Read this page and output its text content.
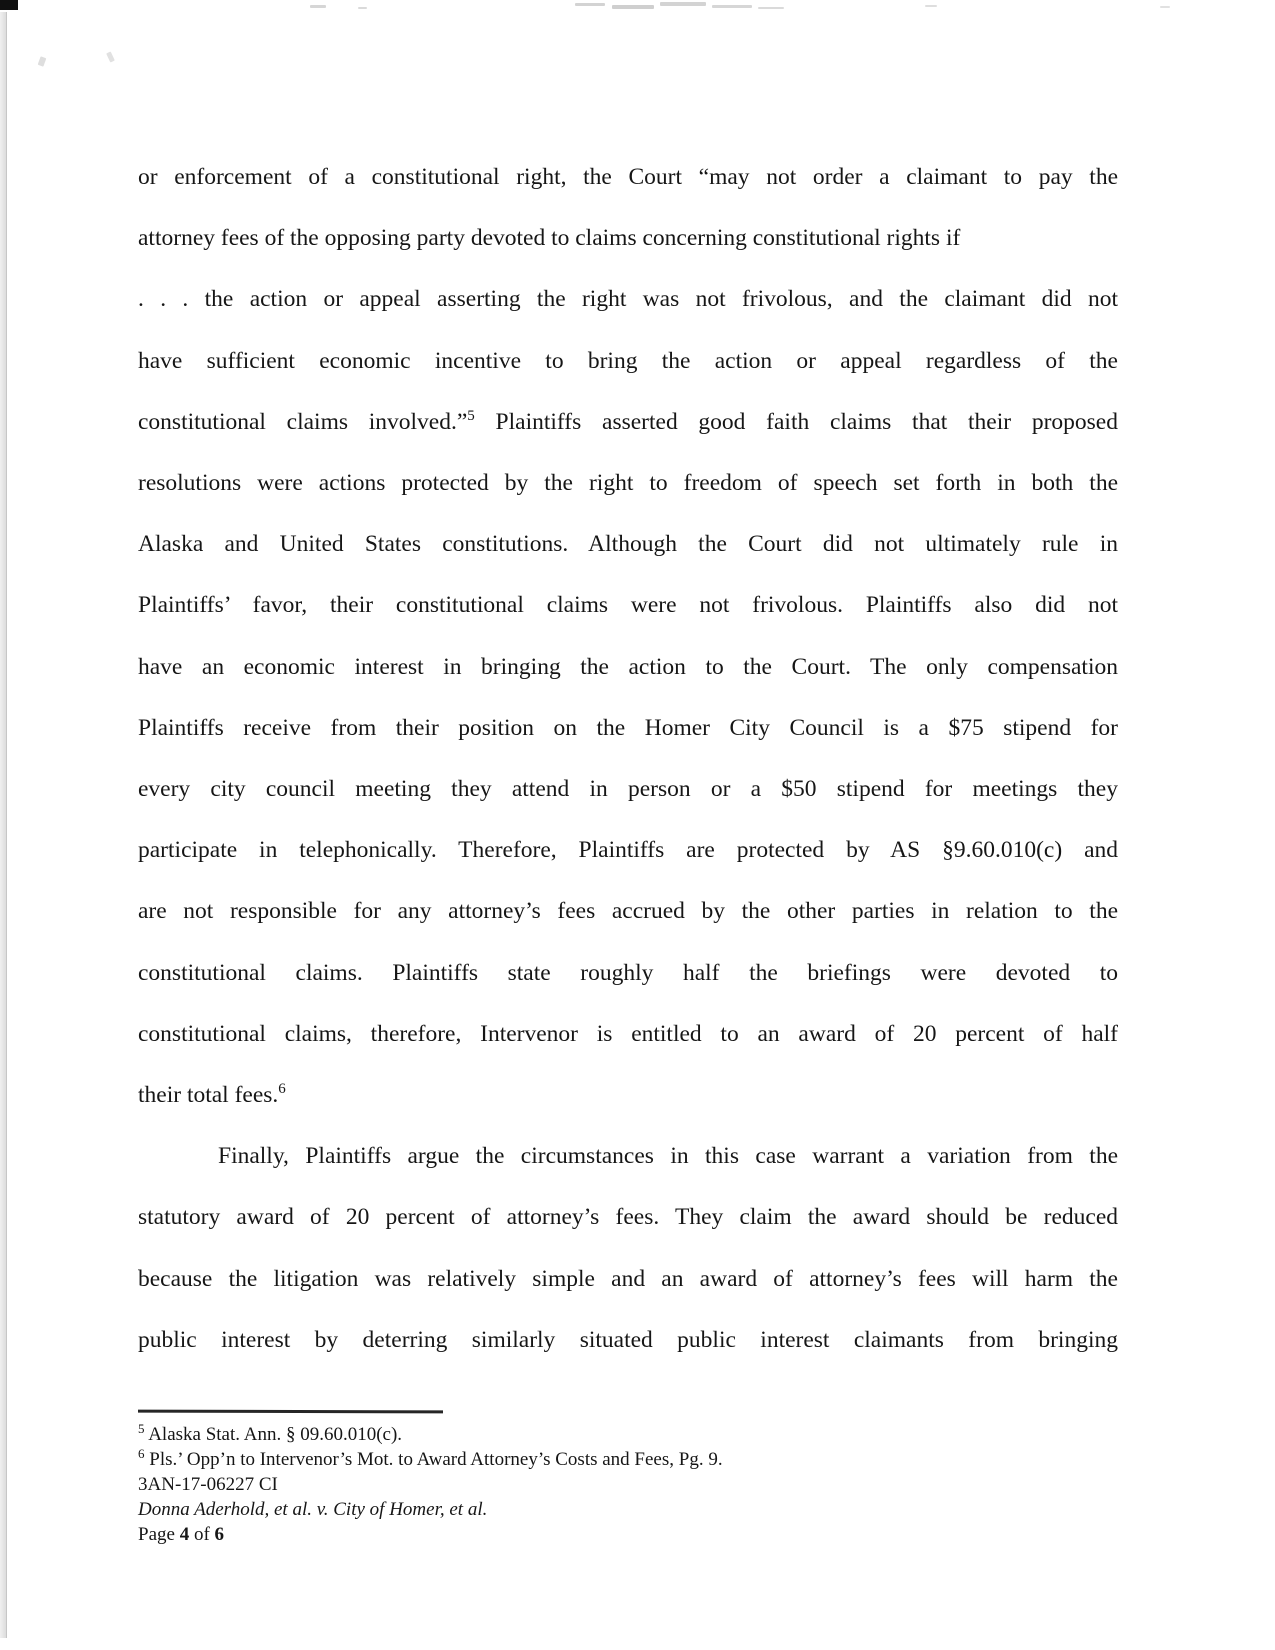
or enforcement of a constitutional right, the Court “may not order a claimant to pay the
attorney fees of the opposing party devoted to claims concerning constitutional rights if
. . . the action or appeal asserting the right was not frivolous, and the claimant did not
have sufficient economic incentive to bring the action or appeal regardless of the
constitutional claims involved.”$^5$ Plaintiffs asserted good faith claims that their proposed
resolutions were actions protected by the right to freedom of speech set forth in both the
Alaska and United States constitutions. Although the Court did not ultimately rule in
Plaintiffs’ favor, their constitutional claims were not frivolous. Plaintiffs also did not
have an economic interest in bringing the action to the Court. The only compensation
Plaintiffs receive from their position on the Homer City Council is a $75 stipend for
every city council meeting they attend in person or a $50 stipend for meetings they
participate in telephonically. Therefore, Plaintiffs are protected by AS §9.60.010(c) and
are not responsible for any attorney’s fees accrued by the other parties in relation to the
constitutional claims. Plaintiffs state roughly half the briefings were devoted to
constitutional claims, therefore, Intervenor is entitled to an award of 20 percent of half
their total fees.$^6$
Finally, Plaintiffs argue the circumstances in this case warrant a variation from the
statutory award of 20 percent of attorney’s fees. They claim the award should be reduced
because the litigation was relatively simple and an award of attorney’s fees will harm the
public interest by deterring similarly situated public interest claimants from bringing
$^5$ Alaska Stat. Ann. § 09.60.010(c).
$^6$ Pls.’ Opp’n to Intervenor’s Mot. to Award Attorney’s Costs and Fees, Pg. 9.
3AN-17-06227 CI
Donna Aderhold, et al. v. City of Homer, et al.
Page 4 of 6
